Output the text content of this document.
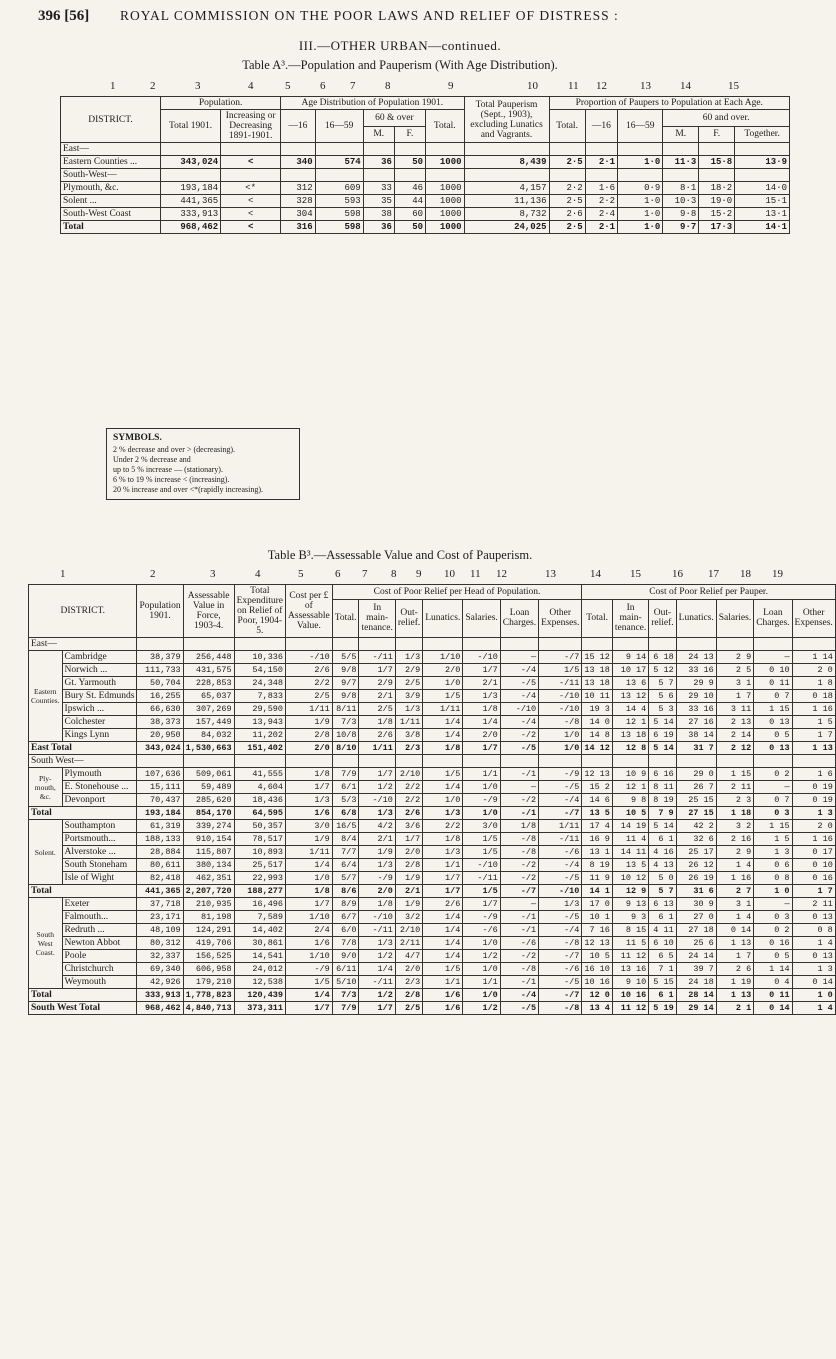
396 [56] ROYAL COMMISSION ON THE POOR LAWS AND RELIEF OF DISTRESS :
III.—OTHER URBAN—continued.
Table A³.—Population and Pauperism (With Age Distribution).
1	2	3	4	5	6 7	8	9	10	11 12	13	14	15
DISTRICT.	Population.		Age Distribution of Population 1901.					Total Pauperism (Sept., 1903), excluding Lunatics and Vagrants.	Proportion of Paupers to Population at Each Age.					
	Total 1901.	Increasing or Decreasing 1891-1901.	—16	16—59	60 & over		Total.		Total.	—16	16—59	60 and over.		
					M.	F.						M.	F.	Together.
East—														
Eastern Counties ...	343,024	<	340	574	36	50	1000	8,439	2·5	2·1	1·0	11·3	15·8	13·9
South-West—														
Plymouth, &c.	193,184	<*	312	609	33	46	1000	4,157	2·2	1·6	0·9	8·1	18·2	14·0
Solent ...	441,365	<	328	593	35	44	1000	11,136	2·5	2·2	1·0	10·3	19·0	15·1
South-West Coast	333,913	<	304	598	38	60	1000	8,732	2·6	2·4	1·0	9·8	15·2	13·1
Total	968,462	<	316	598	36	50	1000	24,025	2·5	2·1	1·0	9·7	17·3	14·1
SYMBOLS.
2 % decrease and over > (decreasing).
Under 2 % decrease and
up to 5 % increase — (stationary).
6 % to 19 % increase < (increasing).
20 % increase and over <*(rapidly increasing).
Table B³.—Assessable Value and Cost of Pauperism.
1	2	3	4	5	6 7 8 9 10 11 12	13	14	15	16 17 18 19
DISTRICT.		Population 1901.	Assessable Value in Force, 1903-4.	Total Expenditure on Relief of Poor, 1904-5.	Cost per £ of Assessable Value.	Cost of Poor Relief per Head of Population.							Cost of Poor Relief per Pauper.						
						Total.	In main-tenance.	Out-relief.	Lunatics.	Salaries.	Loan Charges.	Other Expenses.	Total.	In main-tenance.	Out-relief.	Lunatics.	Salaries.	Loan Charges.	Other Expenses.
East—																			
Eastern Counties.	Cambridge	38,379	256,448	10,336	-/10	5/5	-/11	1/3	1/10	-/10	—	-/7	15 12	9 14	6 18	24 13	2 9	—	1 14
	Norwich ...	111,733	431,575	54,150	2/6	9/8	1/7	2/9	2/0	1/7	-/4	1/5	13 18	10 17	5 12	33 16	2 5	0 10	2 0
	Gt. Yarmouth	50,704	228,853	24,348	2/2	9/7	2/9	2/5	1/0	2/1	-/5	-/11	13 18	13 6	5 7	29 9	3 1	0 11	1 8
	Bury St. Edmunds	16,255	65,037	7,833	2/5	9/8	2/1	3/9	1/5	1/3	-/4	-/10	10 11	13 12	5 6	29 10	1 7	0 7	0 18
	Ipswich ...	66,630	307,269	29,590	1/11	8/11	2/5	1/3	1/11	1/8	-/10	-/10	19 3	14 4	5 3	33 16	3 11	1 15	1 16
	Colchester	38,373	157,449	13,943	1/9	7/3	1/8	1/11	1/4	1/4	-/4	-/8	14 0	12 1	5 14	27 16	2 13	0 13	1 5
	Kings Lynn	20,950	84,032	11,202	2/8	10/8	2/6	3/8	1/4	2/0	-/2	1/0	14 8	13 18	6 19	38 14	2 14	0 5	1 7
East Total		343,024	1,530,663	151,402	2/0	8/10	1/11	2/3	1/8	1/7	-/5	1/0	14 12	12 8	5 14	31 7	2 12	0 13	1 13
South West—																			
Ply-mouth, &c.	Plymouth	107,636	509,061	41,555	1/8	7/9	1/7	2/10	1/5	1/1	-/1	-/9	12 13	10 9	6 16	29 0	1 15	0 2	1 6
	E. Stonehouse ...	15,111	59,489	4,604	1/7	6/1	1/2	2/2	1/4	1/0	—	-/5	15 2	12 1	8 11	26 7	2 11	—	0 19
	Devonport	70,437	285,620	18,436	1/3	5/3	-/10	2/2	1/0	-/9	-/2	-/4	14 6	9 8	8 19	25 15	2 3	0 7	0 19
Total		193,184	854,170	64,595	1/6	6/8	1/3	2/6	1/3	1/0	-/1	-/7	13 5	10 5	7 9	27 15	1 18	0 3	1 3
Solent.	Southampton	61,319	339,274	50,357	3/0	16/5	4/2	3/6	2/2	3/0	1/8	1/11	17 4	14 19	5 14	42 2	3 2	1 15	2 0
	Portsmouth...	188,133	910,154	78,517	1/9	8/4	2/1	1/7	1/8	1/5	-/8	-/11	16 9	11 4	6 1	32 6	2 16	1 5	1 16
	Alverstoke ...	28,884	115,807	10,893	1/11	7/7	1/9	2/0	1/3	1/5	-/8	-/6	13 1	14 11	4 16	25 17	2 9	1 3	0 17
	South Stoneham	80,611	380,134	25,517	1/4	6/4	1/3	2/8	1/1	-/10	-/2	-/4	8 19	13 5	4 13	26 12	1 4	0 6	0 10
	Isle of Wight	82,418	462,351	22,993	1/0	5/7	-/9	1/9	1/7	-/11	-/2	-/5	11 9	10 12	5 0	26 19	1 16	0 8	0 16
Total		441,365	2,207,720	188,277	1/8	8/6	2/0	2/1	1/7	1/5	-/7	-/10	14 1	12 9	5 7	31 6	2 7	1 0	1 7
South West Coast.	Exeter	37,718	210,935	16,496	1/7	8/9	1/8	1/9	2/6	1/7	—	1/3	17 0	9 13	6 13	30 9	3 1	—	2 11
	Falmouth...	23,171	81,198	7,589	1/10	6/7	-/10	3/2	1/4	-/9	-/1	-/5	10 1	9 3	6 1	27 0	1 4	0 3	0 13
	Redruth ...	48,109	124,291	14,402	2/4	6/0	-/11	2/10	1/4	-/6	-/1	-/4	7 16	8 15	4 11	27 18	0 14	0 2	0 8
	Newton Abbot	80,312	419,706	30,861	1/6	7/8	1/3	2/11	1/4	1/0	-/6	-/8	12 13	11 5	6 10	25 6	1 13	0 16	1 4
	Poole	32,337	156,525	14,541	1/10	9/0	1/2	4/7	1/4	1/2	-/2	-/7	10 5	11 12	6 5	24 14	1 7	0 5	0 13
	Christchurch	69,340	606,958	24,012	-/9	6/11	1/4	2/0	1/5	1/0	-/8	-/6	16 10	13 16	7 1	39 7	2 6	1 14	1 3
	Weymouth	42,926	179,210	12,538	1/5	5/10	-/11	2/3	1/1	1/1	-/1	-/5	10 16	9 10	5 15	24 18	1 19	0 4	0 14
Total		333,913	1,778,823	120,439	1/4	7/3	1/2	2/8	1/6	1/0	-/4	-/7	12 0	10 16	6 1	28 14	1 13	0 11	1 0
South West Total		968,462	4,840,713	373,311	1/7	7/9	1/7	2/5	1/6	1/2	-/5	-/8	13 4	11 12	5 19	29 14	2 1	0 14	1 4
